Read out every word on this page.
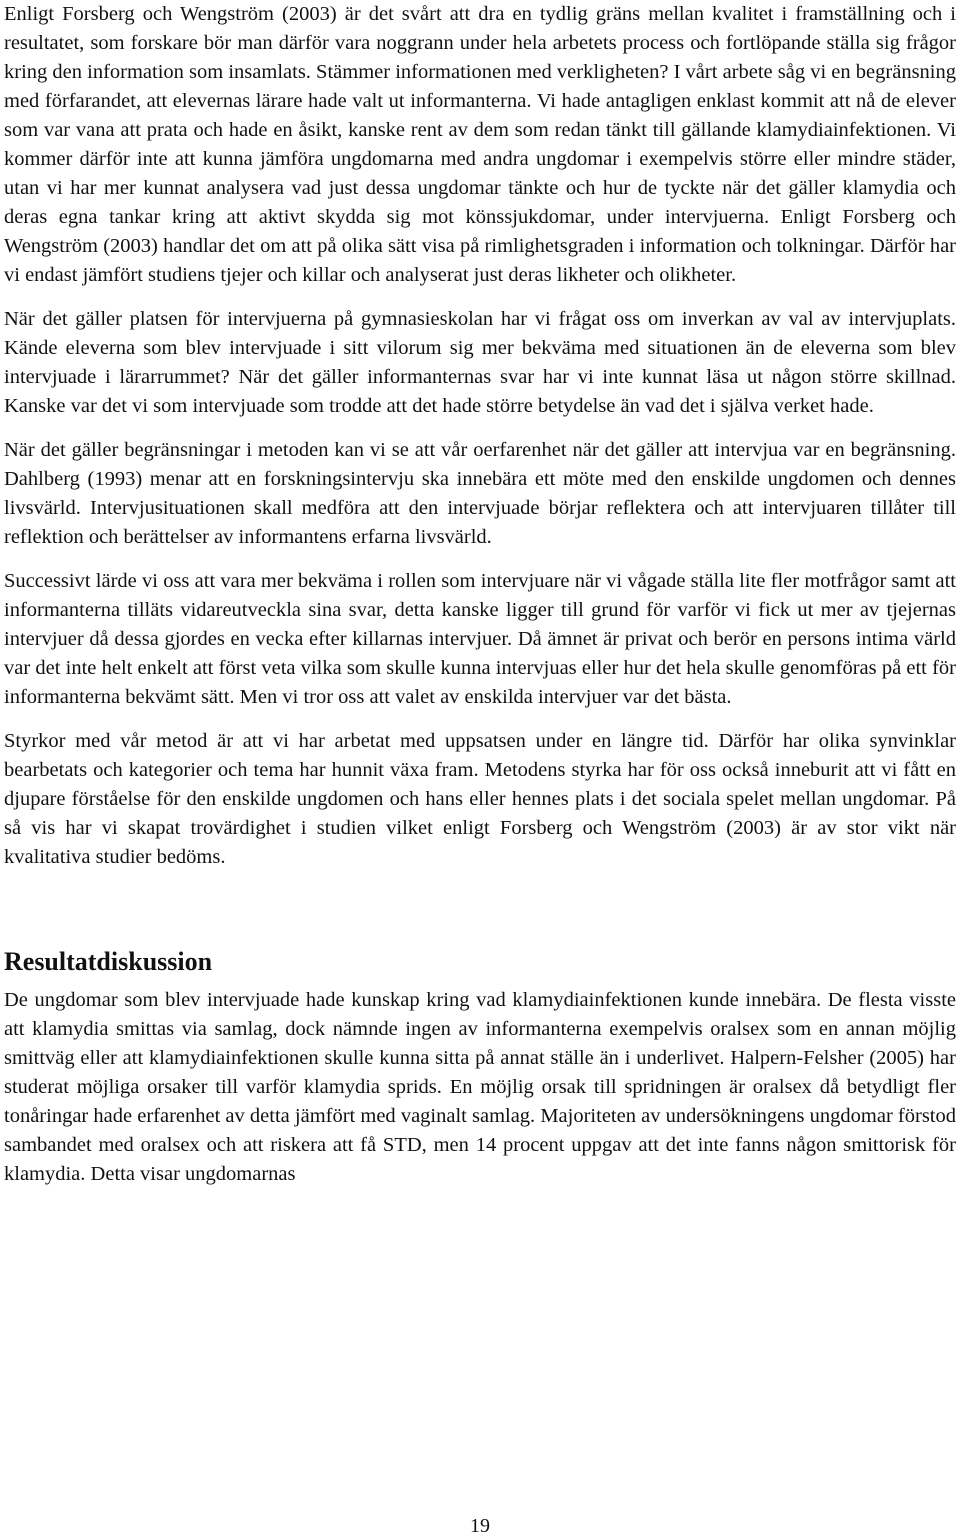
Enligt Forsberg och Wengström (2003) är det svårt att dra en tydlig gräns mellan kvalitet i framställning och i resultatet, som forskare bör man därför vara noggrann under hela arbetets process och fortlöpande ställa sig frågor kring den information som insamlats. Stämmer informationen med verkligheten? I vårt arbete såg vi en begränsning med förfarandet, att elevernas lärare hade valt ut informanterna. Vi hade antagligen enklast kommit att nå de elever som var vana att prata och hade en åsikt, kanske rent av dem som redan tänkt till gällande klamydiainfektionen. Vi kommer därför inte att kunna jämföra ungdomarna med andra ungdomar i exempelvis större eller mindre städer, utan vi har mer kunnat analysera vad just dessa ungdomar tänkte och hur de tyckte när det gäller klamydia och deras egna tankar kring att aktivt skydda sig mot könssjukdomar, under intervjuerna. Enligt Forsberg och Wengström (2003) handlar det om att på olika sätt visa på rimlighetsgraden i information och tolkningar. Därför har vi endast jämfört studiens tjejer och killar och analyserat just deras likheter och olikheter.

När det gäller platsen för intervjuerna på gymnasieskolan har vi frågat oss om inverkan av val av intervjuplats. Kände eleverna som blev intervjuade i sitt vilorum sig mer bekväma med situationen än de eleverna som blev intervjuade i lärarrummet? När det gäller informanternas svar har vi inte kunnat läsa ut någon större skillnad. Kanske var det vi som intervjuade som trodde att det hade större betydelse än vad det i själva verket hade.

När det gäller begränsningar i metoden kan vi se att vår oerfarenhet när det gäller att intervjua var en begränsning. Dahlberg (1993) menar att en forskningsintervju ska innebära ett möte med den enskilde ungdomen och dennes livsvärld. Intervjusituationen skall medföra att den intervjuade börjar reflektera och att intervjuaren tillåter till reflektion och berättelser av informantens erfarna livsvärld.

Successivt lärde vi oss att vara mer bekväma i rollen som intervjuare när vi vågade ställa lite fler motfrågor samt att informanterna tilläts vidareutveckla sina svar, detta kanske ligger till grund för varför vi fick ut mer av tjejernas intervjuer då dessa gjordes en vecka efter killarnas intervjuer. Då ämnet är privat och berör en persons intima värld var det inte helt enkelt att först veta vilka som skulle kunna intervjuas eller hur det hela skulle genomföras på ett för informanterna bekvämt sätt. Men vi tror oss att valet av enskilda intervjuer var det bästa.

Styrkor med vår metod är att vi har arbetat med uppsatsen under en längre tid. Därför har olika synvinklar bearbetats och kategorier och tema har hunnit växa fram. Metodens styrka har för oss också inneburit att vi fått en djupare förståelse för den enskilde ungdomen och hans eller hennes plats i det sociala spelet mellan ungdomar. På så vis har vi skapat trovärdighet i studien vilket enligt Forsberg och Wengström (2003) är av stor vikt när kvalitativa studier bedöms.

Resultatdiskussion

De ungdomar som blev intervjuade hade kunskap kring vad klamydiainfektionen kunde innebära. De flesta visste att klamydia smittas via samlag, dock nämnde ingen av informanterna exempelvis oralsex som en annan möjlig smittväg eller att klamydiainfektionen skulle kunna sitta på annat ställe än i underlivet. Halpern-Felsher (2005) har studerat möjliga orsaker till varför klamydia sprids. En möjlig orsak till spridningen är oralsex då betydligt fler tonåringar hade erfarenhet av detta jämfört med vaginalt samlag. Majoriteten av undersökningens ungdomar förstod sambandet med oralsex och att riskera att få STD, men 14 procent uppgav att det inte fanns någon smittorisk för klamydia. Detta visar ungdomarnas

19
